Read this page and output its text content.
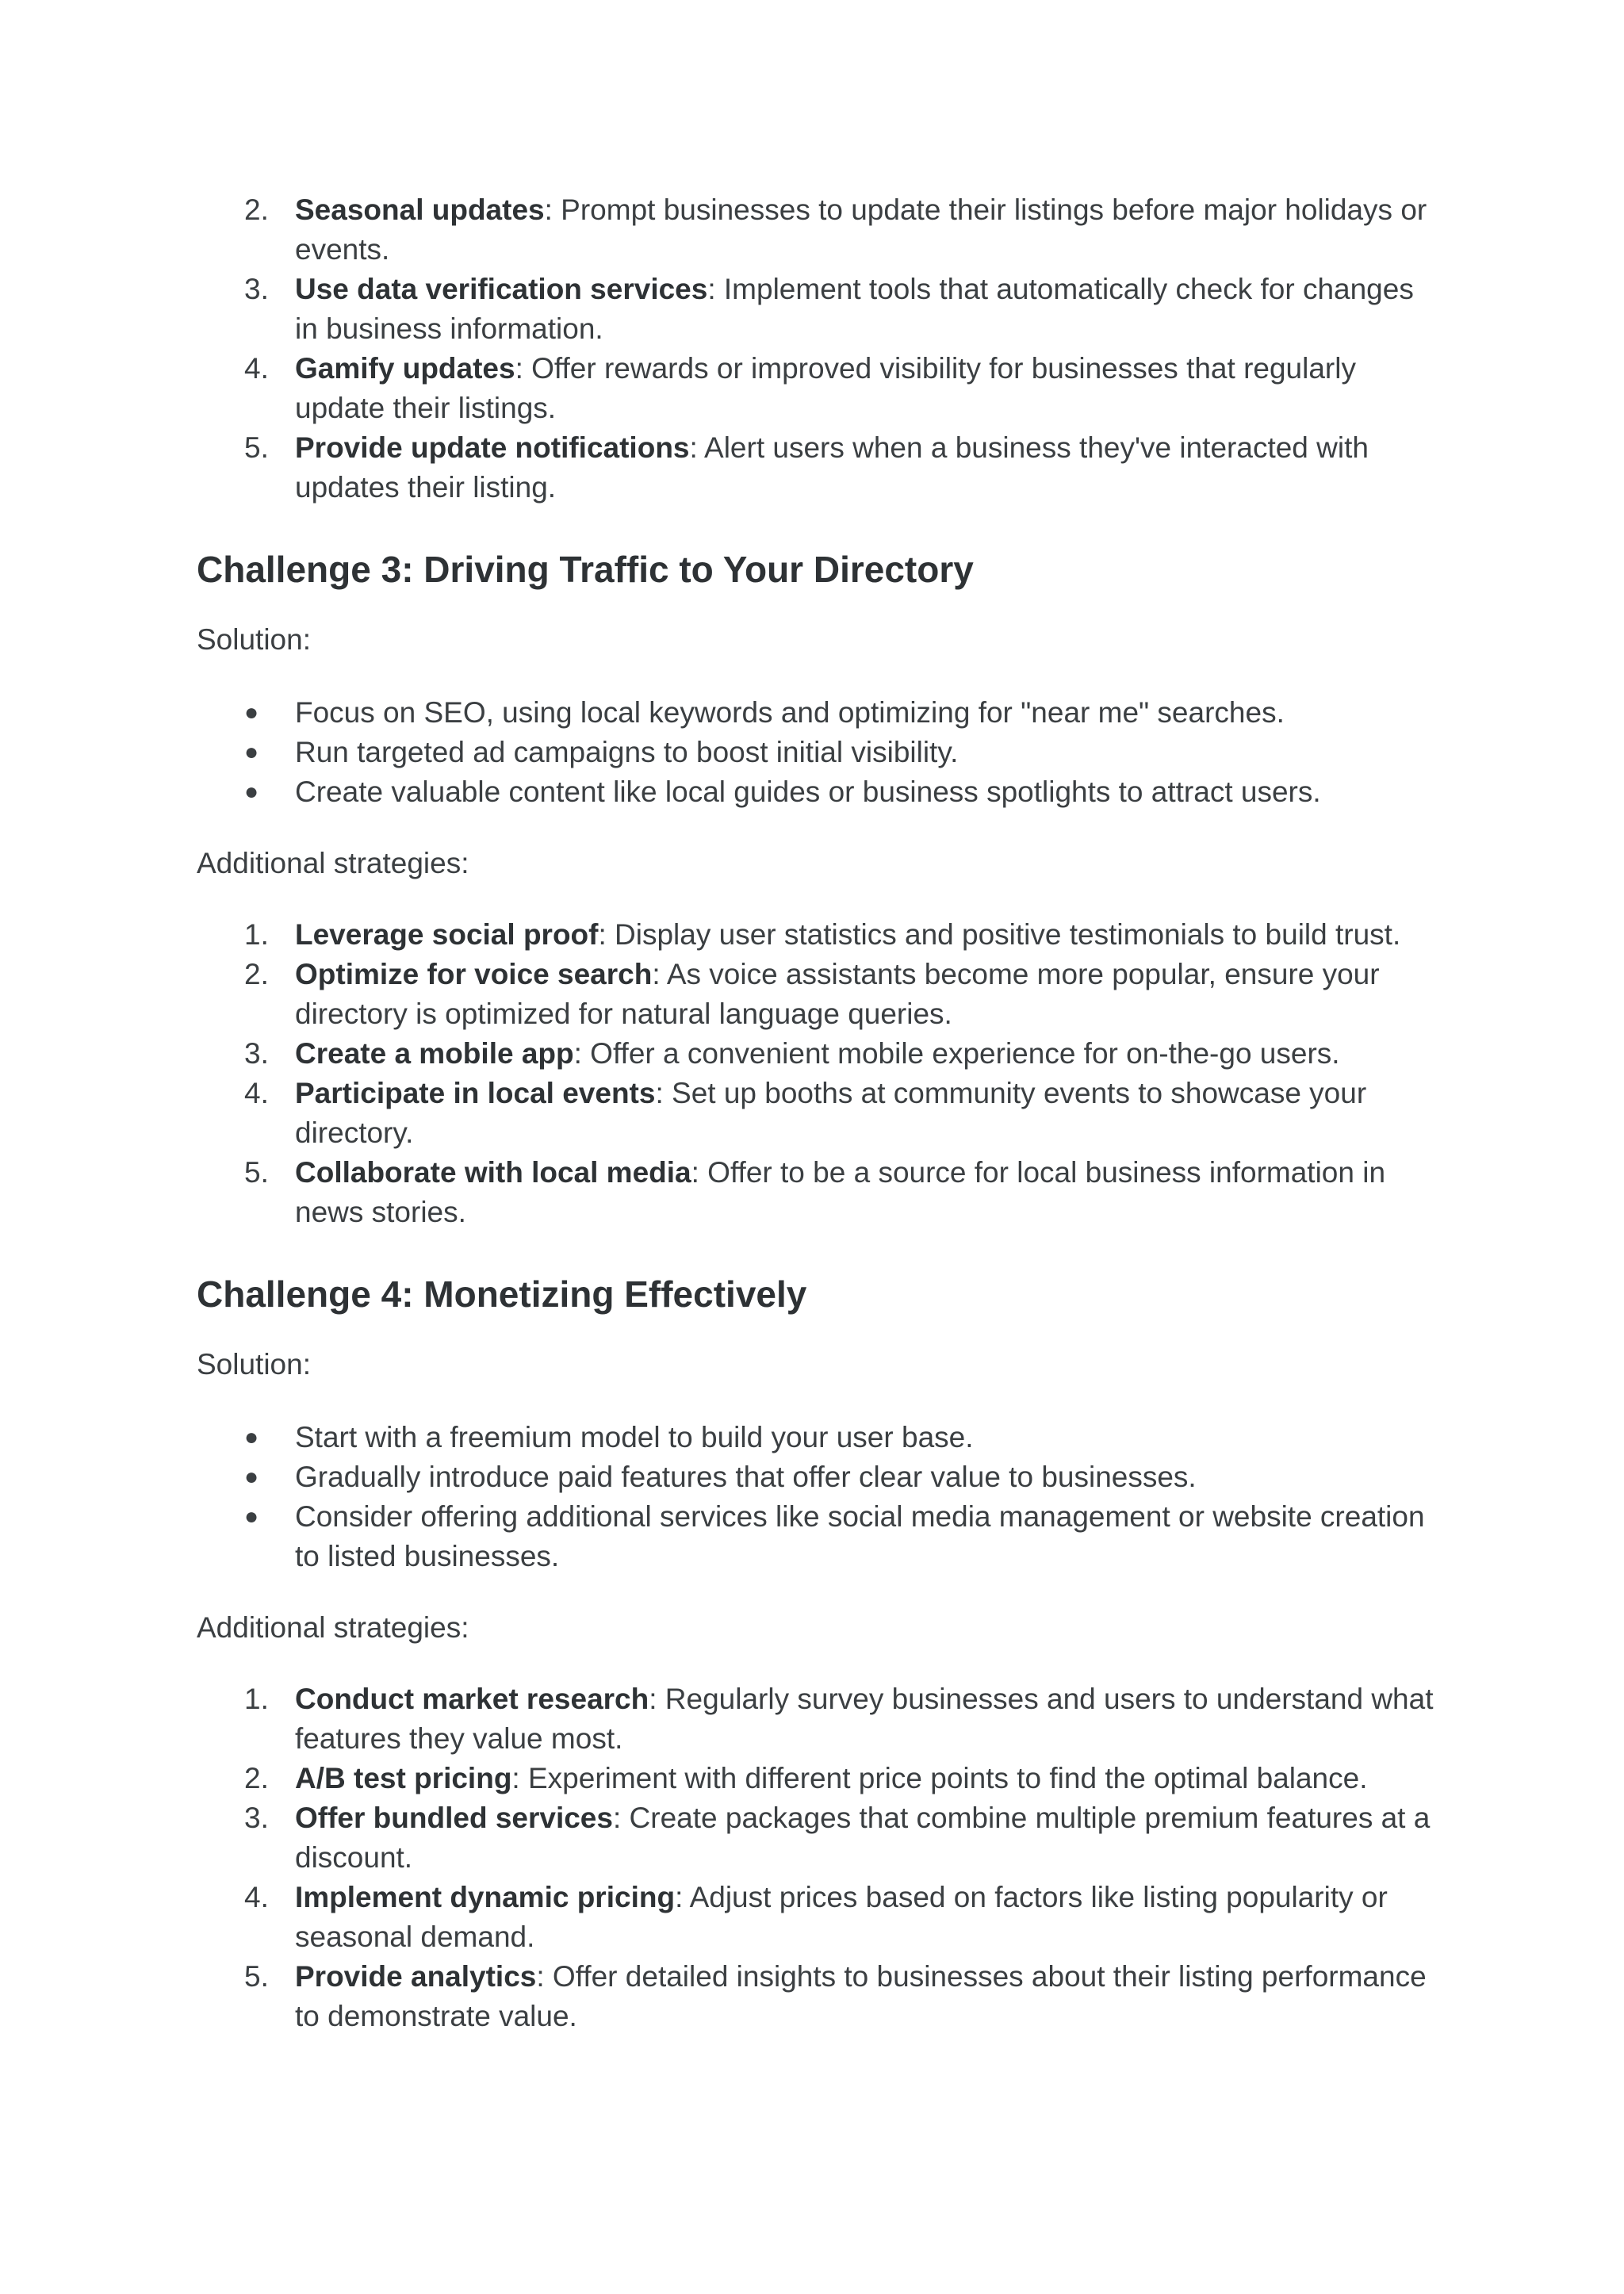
2. Seasonal updates: Prompt businesses to update their listings before major holidays or events.
3. Use data verification services: Implement tools that automatically check for changes in business information.
4. Gamify updates: Offer rewards or improved visibility for businesses that regularly update their listings.
5. Provide update notifications: Alert users when a business they've interacted with updates their listing.
Challenge 3: Driving Traffic to Your Directory

Solution:

●	Focus on SEO, using local keywords and optimizing for "near me" searches.
●	Run targeted ad campaigns to boost initial visibility.
●	Create valuable content like local guides or business spotlights to attract users.

Additional strategies:

1. Leverage social proof: Display user statistics and positive testimonials to build trust.
2. Optimize for voice search: As voice assistants become more popular, ensure your directory is optimized for natural language queries.
3. Create a mobile app: Offer a convenient mobile experience for on-the-go users.
4. Participate in local events: Set up booths at community events to showcase your directory.
5. Collaborate with local media: Offer to be a source for local business information in news stories.
Challenge 4: Monetizing Effectively

Solution:

●	Start with a freemium model to build your user base.
●	Gradually introduce paid features that offer clear value to businesses.
●	Consider offering additional services like social media management or website creation to listed businesses.

Additional strategies:

1. Conduct market research: Regularly survey businesses and users to understand what features they value most.
2. A/B test pricing: Experiment with different price points to find the optimal balance.
3. Offer bundled services: Create packages that combine multiple premium features at a discount.
4. Implement dynamic pricing: Adjust prices based on factors like listing popularity or seasonal demand.
5. Provide analytics: Offer detailed insights to businesses about their listing performance to demonstrate value.
